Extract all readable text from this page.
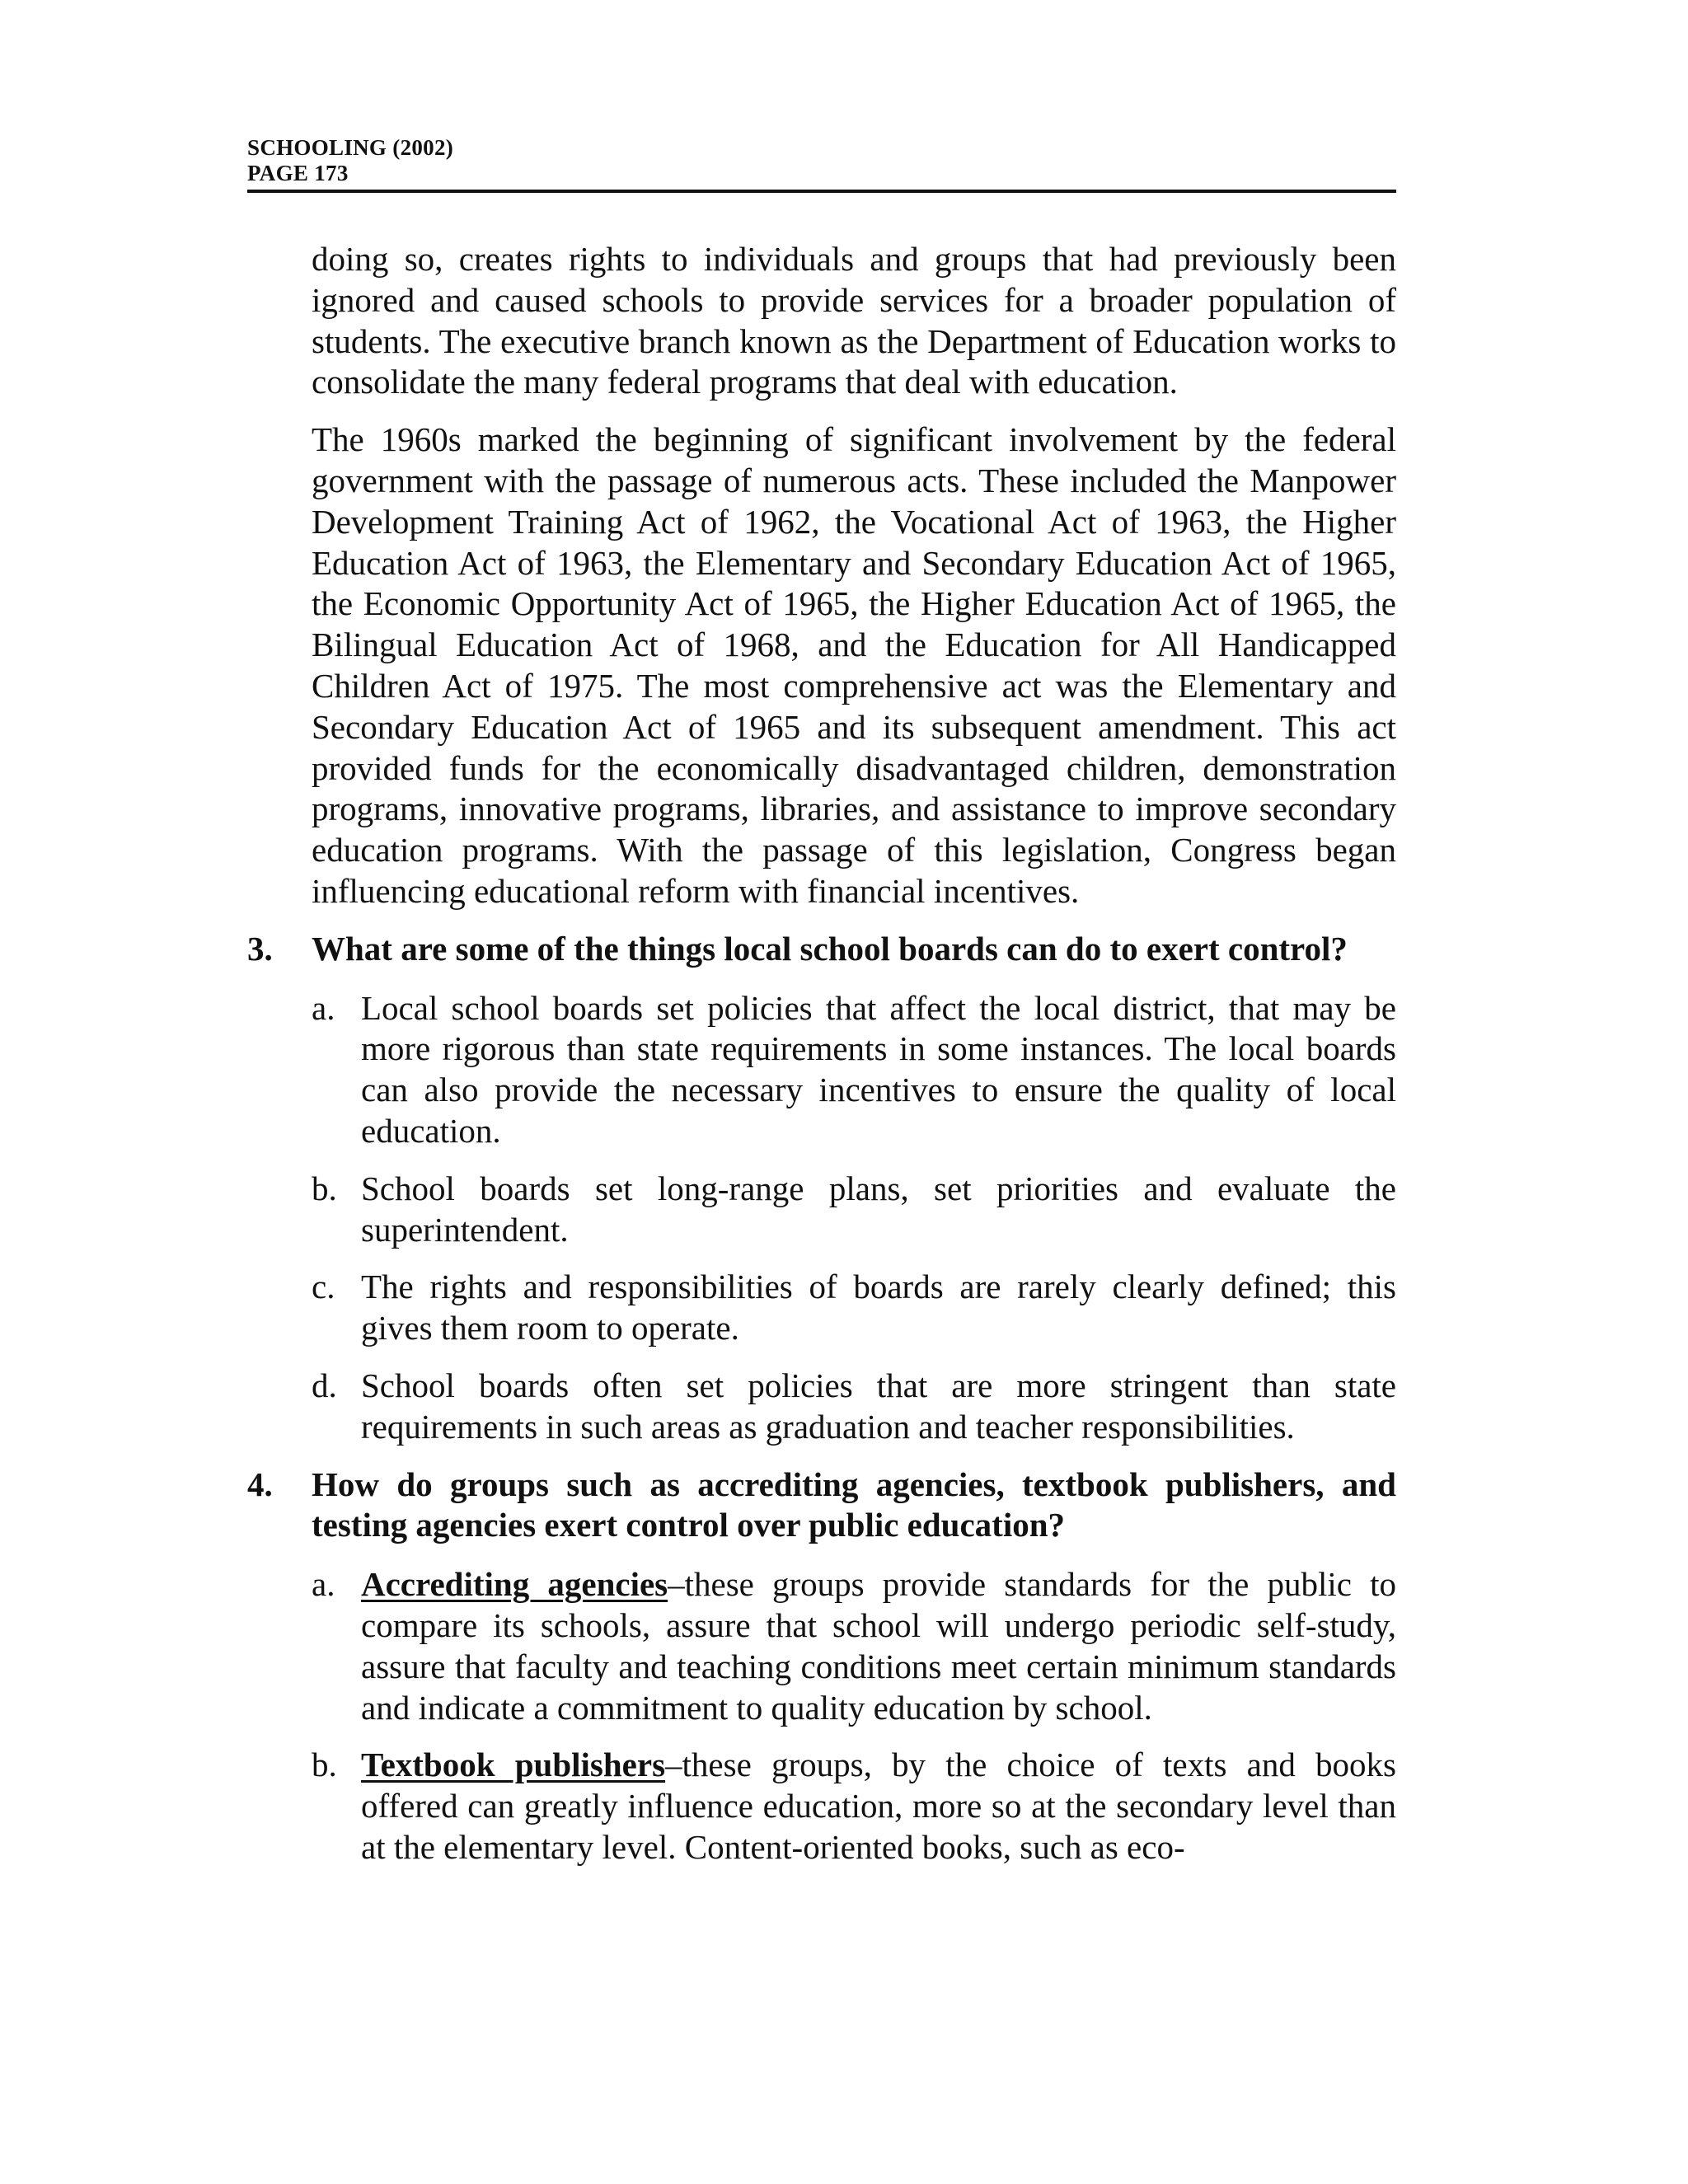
SCHOOLING (2002)
PAGE 173

doing so, creates rights to individuals and groups that had previously been ignored and caused schools to provide services for a broader population of students. The executive branch known as the Department of Education works to consolidate the many federal programs that deal with education.

The 1960s marked the beginning of significant involvement by the federal government with the passage of numerous acts. These included the Manpower Development Training Act of 1962, the Vocational Act of 1963, the Higher Education Act of 1963, the Elementary and Secondary Education Act of 1965, the Economic Opportunity Act of 1965, the Higher Education Act of 1965, the Bilingual Education Act of 1968, and the Education for All Handicapped Children Act of 1975. The most comprehensive act was the Elementary and Secondary Education Act of 1965 and its subsequent amendment. This act provided funds for the economically disadvantaged children, demonstration programs, innovative programs, libraries, and assistance to improve secondary education programs. With the passage of this legislation, Congress began influencing educational reform with financial incentives.

3. What are some of the things local school boards can do to exert control?
a. Local school boards set policies that affect the local district, that may be more rigorous than state requirements in some instances. The local boards can also provide the necessary incentives to ensure the quality of local education.
b. School boards set long-range plans, set priorities and evaluate the superintendent.
c. The rights and responsibilities of boards are rarely clearly defined; this gives them room to operate.
d. School boards often set policies that are more stringent than state requirements in such areas as graduation and teacher responsibilities.
4. How do groups such as accrediting agencies, textbook publishers, and testing agencies exert control over public education?
a. Accrediting agencies–these groups provide standards for the public to compare its schools, assure that school will undergo periodic self-study, assure that faculty and teaching conditions meet certain minimum standards and indicate a commitment to quality education by school.
b. Textbook publishers–these groups, by the choice of texts and books offered can greatly influence education, more so at the secondary level than at the elementary level. Content-oriented books, such as eco-
